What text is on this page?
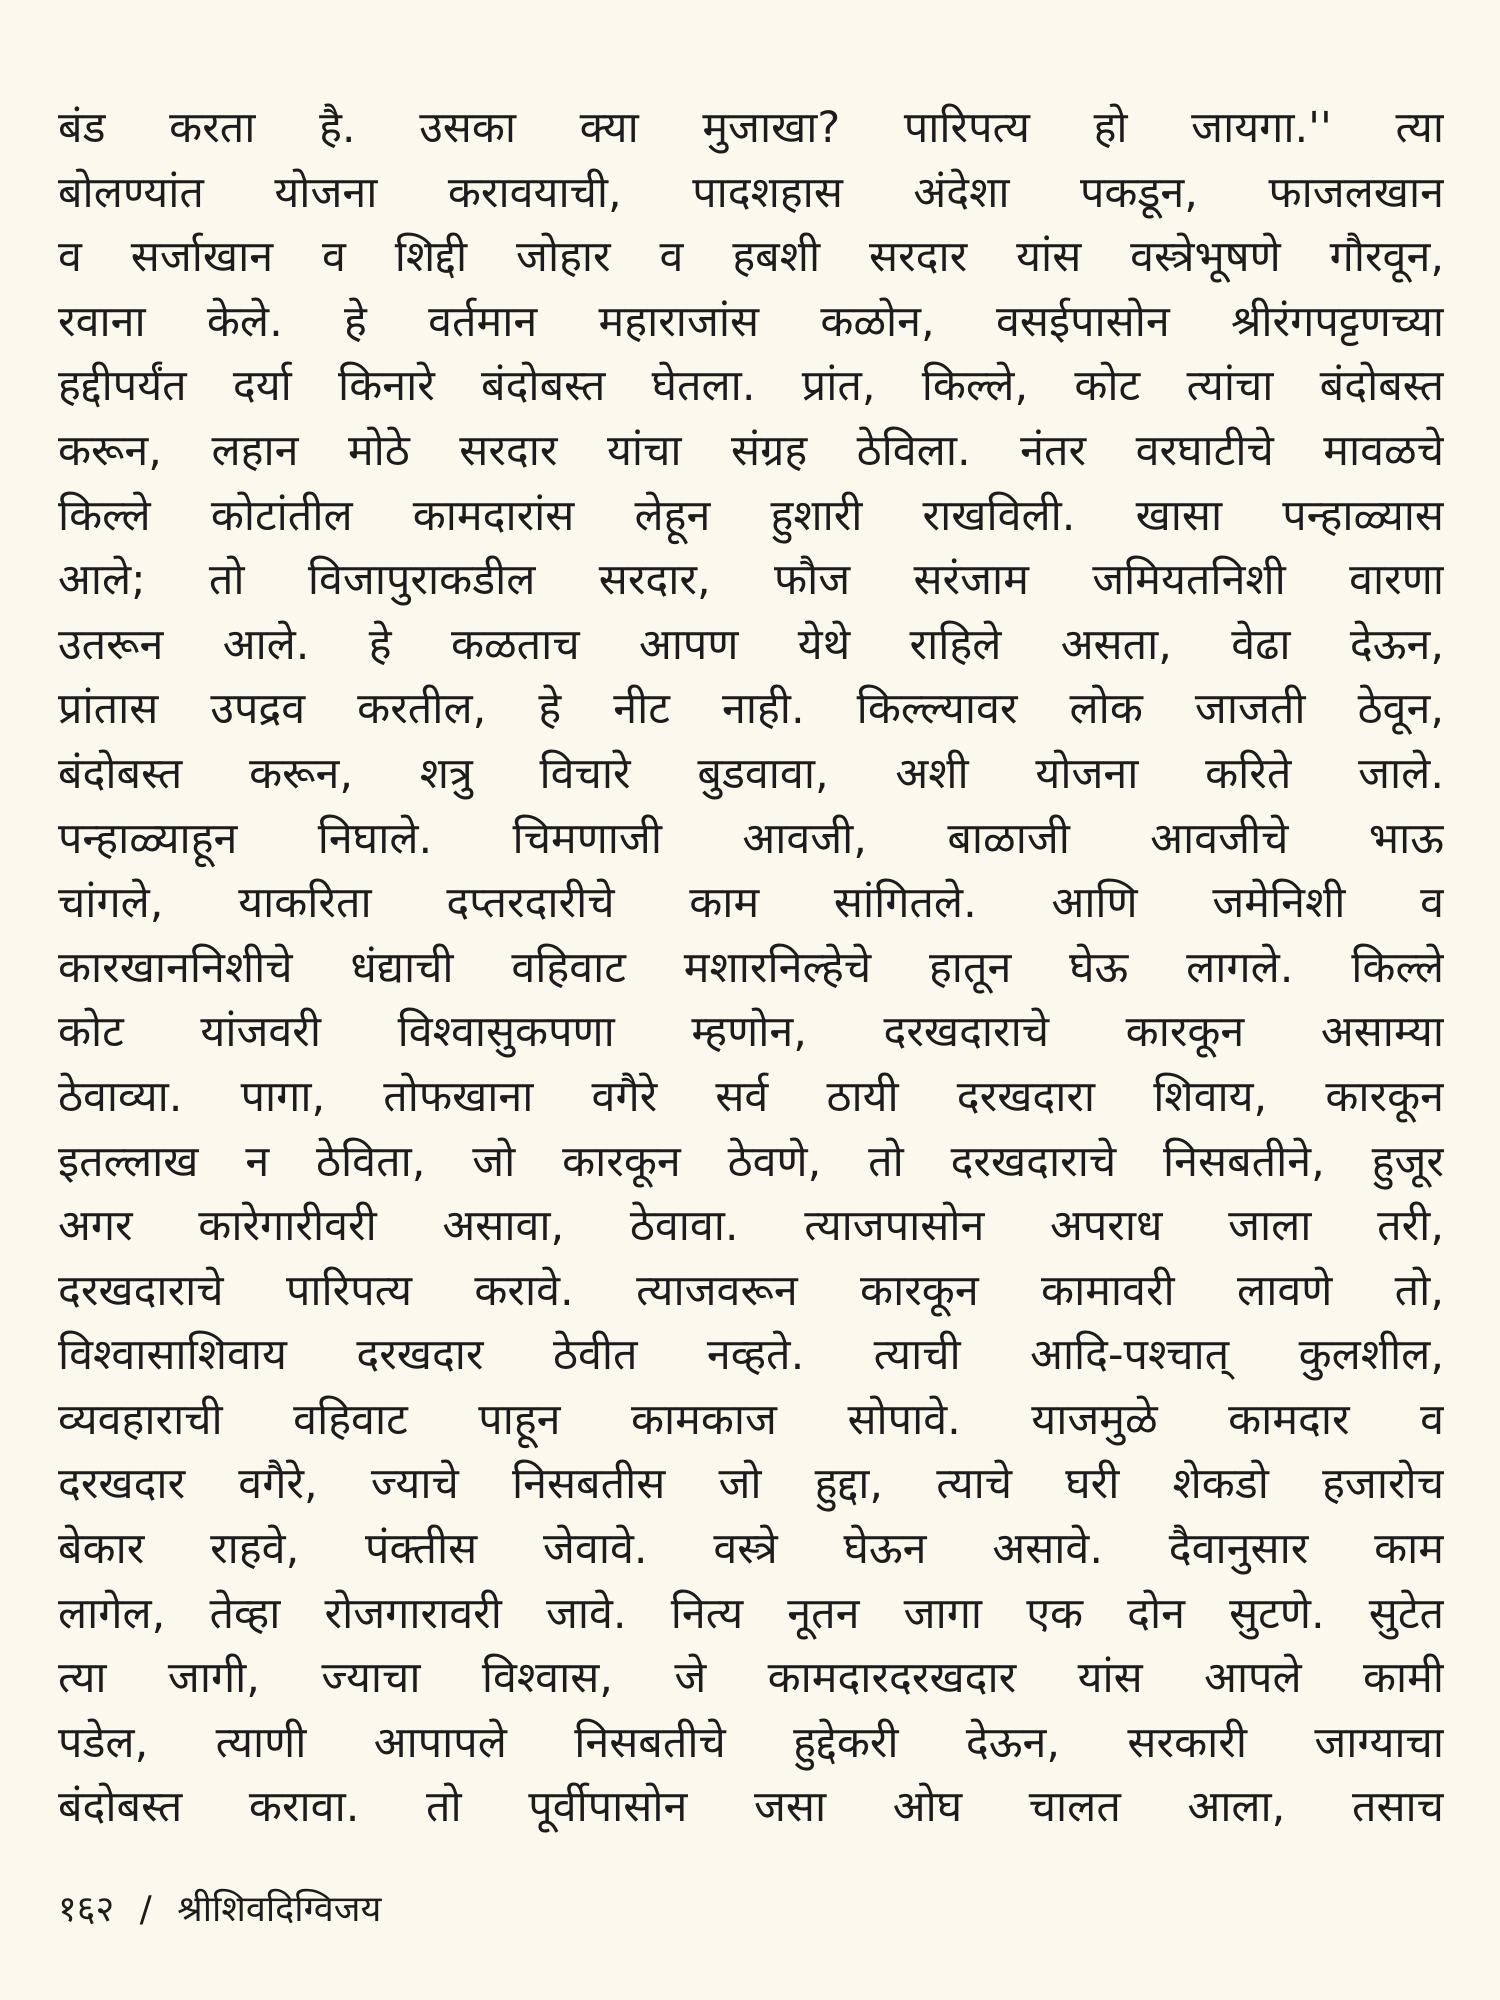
बंड करता है. उसका क्या मुजाखा? पारिपत्य हो जायगा.'' त्या
बोलण्यांत योजना करावयाची, पादशहास अंदेशा पकडून, फाजलखान
व सर्जाखान व शिद्दी जोहार व हबशी सरदार यांस वस्त्रेभूषणे गौरवून,
रवाना केले. हे वर्तमान महाराजांस कळोन, वसईपासोन श्रीरंगपट्टणच्या
हद्दीपर्यंत दर्या किनारे बंदोबस्त घेतला. प्रांत, किल्ले, कोट त्यांचा बंदोबस्त
करून, लहान मोठे सरदार यांचा संग्रह ठेविला. नंतर वरघाटीचे मावळचे
किल्ले कोटांतील कामदारांस लेहून हुशारी राखविली. खासा पन्हाळ्यास
आले; तो विजापुराकडील सरदार, फौज सरंजाम जमियतनिशी वारणा
उतरून आले. हे कळताच आपण येथे राहिले असता, वेढा देऊन,
प्रांतास उपद्रव करतील, हे नीट नाही. किल्ल्यावर लोक जाजती ठेवून,
बंदोबस्त करून, शत्रु विचारे बुडवावा, अशी योजना करिते जाले.
पन्हाळ्याहून निघाले. चिमणाजी आवजी, बाळाजी आवजीचे भाऊ
चांगले, याकरिता दप्तरदारीचे काम सांगितले. आणि जमेनिशी व
कारखाननिशीचे धंद्याची वहिवाट मशारनिल्हेचे हातून घेऊ लागले. किल्ले
कोट यांजवरी विश्वासुकपणा म्हणोन, दरखदाराचे कारकून असाम्या
ठेवाव्या. पागा, तोफखाना वगैरे सर्व ठायी दरखदारा शिवाय, कारकून
इतल्लाख न ठेविता, जो कारकून ठेवणे, तो दरखदाराचे निसबतीने, हुजूर
अगर कारेगारीवरी असावा, ठेवावा. त्याजपासोन अपराध जाला तरी,
दरखदाराचे पारिपत्य करावे. त्याजवरून कारकून कामावरी लावणे तो,
विश्वासाशिवाय दरखदार ठेवीत नव्हते. त्याची आदि-पश्चात् कुलशील,
व्यवहाराची वहिवाट पाहून कामकाज सोपावे. याजमुळे कामदार व
दरखदार वगैरे, ज्याचे निसबतीस जो हुद्दा, त्याचे घरी शेकडो हजारोच
बेकार राहवे, पंक्तीस जेवावे. वस्त्रे घेऊन असावे. दैवानुसार काम
लागेल, तेव्हा रोजगारावरी जावे. नित्य नूतन जागा एक दोन सुटणे. सुटेत
त्या जागी, ज्याचा विश्वास, जे कामदारदरखदार यांस आपले कामी
पडेल, त्याणी आपापले निसबतीचे हुद्देकरी देऊन, सरकारी जाग्याचा
बंदोबस्त करावा. तो पूर्वीपासोन जसा ओघ चालत आला, तसाच
१६२ / श्रीशिवदिग्विजय
